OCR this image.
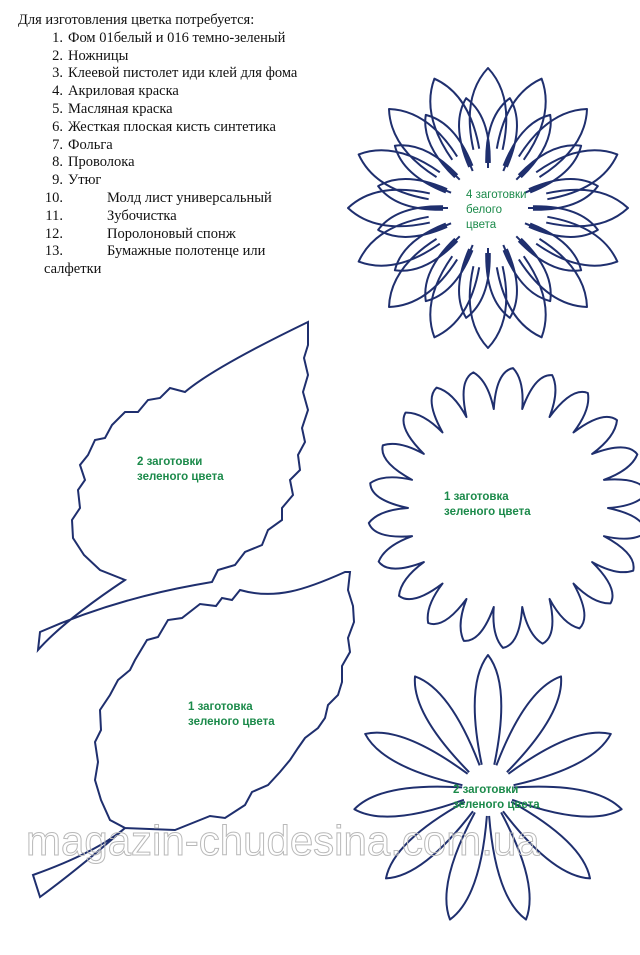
magazin-chudesina.com.ua
Для изготовления цветка потребуется:
1. Фом 01белый и 016 темно-зеленый
2. Ножницы
3. Клеевой пистолет иди клей для фома
4. Акриловая краска
5. Масляная краска
6. Жесткая плоская кисть синтетика
7. Фольга
8. Проволока
9. Утюг
10.	Молд лист универсальный
11.	Зубочистка
12.	Поролоновый спонж
13.	Бумажные полотенце или
салфетки
4 заготовки
белого
цвета
2 заготовки
зеленого цвета
1 заготовка
зеленого цвета
1 заготовка
зеленого цвета
2 заготовки
зеленого цвета
